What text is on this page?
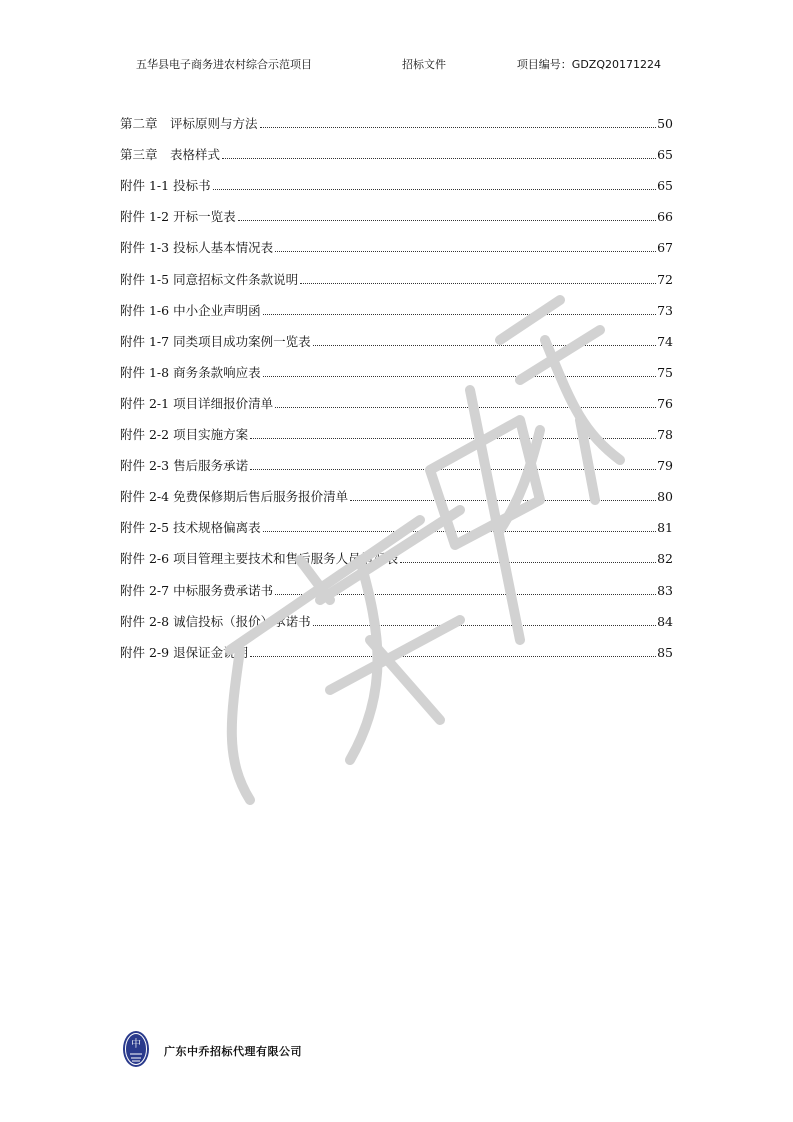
五华县电子商务进农村综合示范项目	招标文件	项目编号：GDZQ20171224
第二章　评标原则与方法	50
第三章　表格样式	65
附件 1-1 投标书	65
附件 1-2 开标一览表	66
附件 1-3 投标人基本情况表	67
附件 1-5 同意招标文件条款说明	72
附件 1-6 中小企业声明函	73
附件 1-7 同类项目成功案例一览表	74
附件 1-8 商务条款响应表	75
附件 2-1 项目详细报价清单	76
附件 2-2 项目实施方案	78
附件 2-3 售后服务承诺	79
附件 2-4 免费保修期后售后服务报价清单	80
附件 2-5 技术规格偏离表	81
附件 2-6 项目管理主要技术和售后服务人员情况表	82
附件 2-7 中标服务费承诺书	83
附件 2-8 诚信投标（报价）承诺书	84
附件 2-9 退保证金说明	85
中
广东中乔招标代理有限公司
